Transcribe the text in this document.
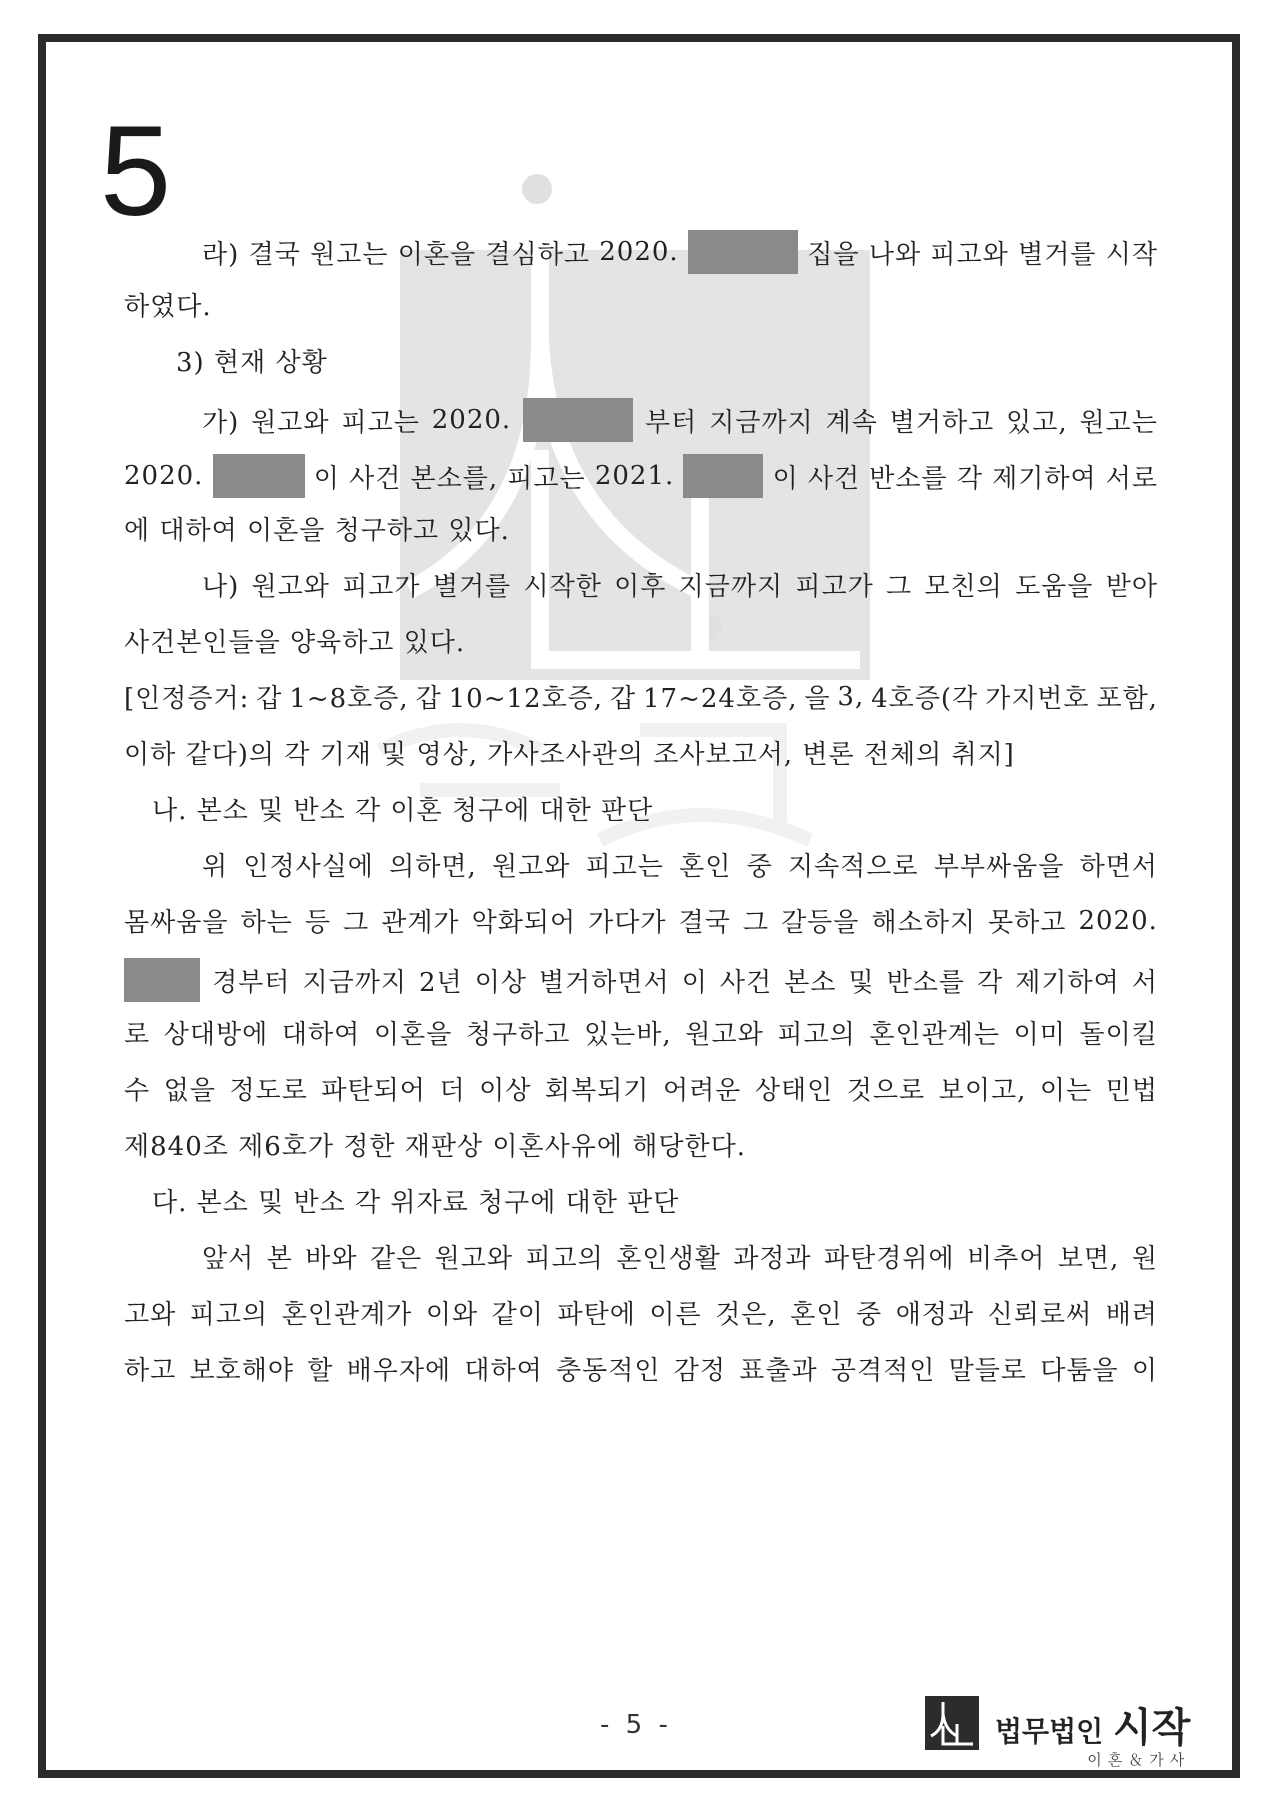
5
라) 결국 원고는 이혼을 결심하고 2020.	집을 나와 피고와 별거를 시작
하였다.
3) 현재 상황
가) 원고와 피고는 2020.	부터 지금까지 계속 별거하고 있고, 원고는
2020.	이 사건 본소를, 피고는 2021.	이 사건 반소를 각 제기하여 서로
에 대하여 이혼을 청구하고 있다.
나) 원고와 피고가 별거를 시작한 이후 지금까지 피고가 그 모친의 도움을 받아
사건본인들을 양육하고 있다.
[인정증거: 갑 1~8호증, 갑 10~12호증, 갑 17~24호증, 을 3, 4호증(각 가지번호 포함,
이하 같다)의 각 기재 및 영상, 가사조사관의 조사보고서, 변론 전체의 취지]
나. 본소 및 반소 각 이혼 청구에 대한 판단
위 인정사실에 의하면, 원고와 피고는 혼인 중 지속적으로 부부싸움을 하면서
몸싸움을 하는 등 그 관계가 악화되어 가다가 결국 그 갈등을 해소하지 못하고 2020.
경부터 지금까지 2년 이상 별거하면서 이 사건 본소 및 반소를 각 제기하여 서
로 상대방에 대하여 이혼을 청구하고 있는바, 원고와 피고의 혼인관계는 이미 돌이킬
수 없을 정도로 파탄되어 더 이상 회복되기 어려운 상태인 것으로 보이고, 이는 민법
제840조 제6호가 정한 재판상 이혼사유에 해당한다.
다. 본소 및 반소 각 위자료 청구에 대한 판단
앞서 본 바와 같은 원고와 피고의 혼인생활 과정과 파탄경위에 비추어 보면, 원
고와 피고의 혼인관계가 이와 같이 파탄에 이른 것은, 혼인 중 애정과 신뢰로써 배려
하고 보호해야 할 배우자에 대하여 충동적인 감정 표출과 공격적인 말들로 다툼을 이
- 5 -	법무법인 시작
이혼＆가사
